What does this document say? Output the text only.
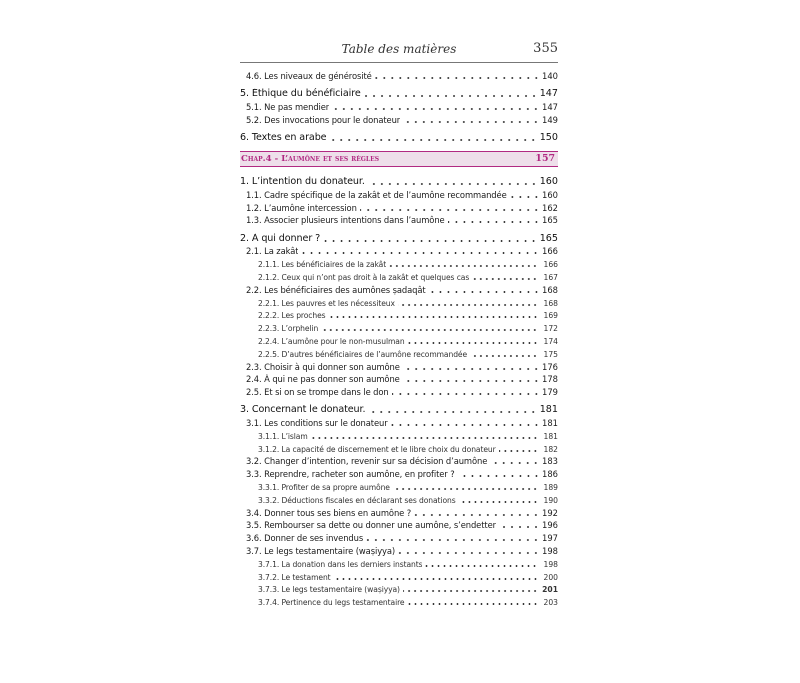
Table des matières	355
4.6. Les niveaux de générosité	140
5. Éthique du bénéficiaire	147
5.1. Ne pas mendier	147
5.2. Des invocations pour le donateur	149
6. Textes en arabe	150
Chap.4 - L’aumône et ses règles	157
1. L’intention du donateur.	160
1.1. Cadre spécifique de la zakât et de l’aumône recommandée	160
1.2. L’aumône intercession	162
1.3. Associer plusieurs intentions dans l’aumône	165
2. À qui donner ?	165
2.1. La zakât	166
2.1.1. Les bénéficiaires de la zakât	166
2.1.2. Ceux qui n’ont pas droit à la zakât et quelques cas	167
2.2. Les bénéficiaires des aumônes ṣadaqât	168
2.2.1. Les pauvres et les nécessiteux	168
2.2.2. Les proches	169
2.2.3. L’orphelin	172
2.2.4. L’aumône pour le non-musulman	174
2.2.5. D’autres bénéficiaires de l’aumône recommandée	175
2.3. Choisir à qui donner son aumône	176
2.4. À qui ne pas donner son aumône	178
2.5. Et si on se trompe dans le don	179
3. Concernant le donateur.	181
3.1. Les conditions sur le donateur	181
3.1.1. L’islam	181
3.1.2. La capacité de discernement et le libre choix du donateur	182
3.2. Changer d’intention, revenir sur sa décision d’aumône	183
3.3. Reprendre, racheter son aumône, en profiter ?	186
3.3.1. Profiter de sa propre aumône	189
3.3.2. Déductions fiscales en déclarant ses donations	190
3.4. Donner tous ses biens en aumône ?	192
3.5. Rembourser sa dette ou donner une aumône, s’endetter	196
3.6. Donner de ses invendus	197
3.7. Le legs testamentaire (waṣiyya)	198
3.7.1. La donation dans les derniers instants	198
3.7.2. Le testament	200
3.7.3. Le legs testamentaire (waṣiyya)	201
3.7.4. Pertinence du legs testamentaire	203
